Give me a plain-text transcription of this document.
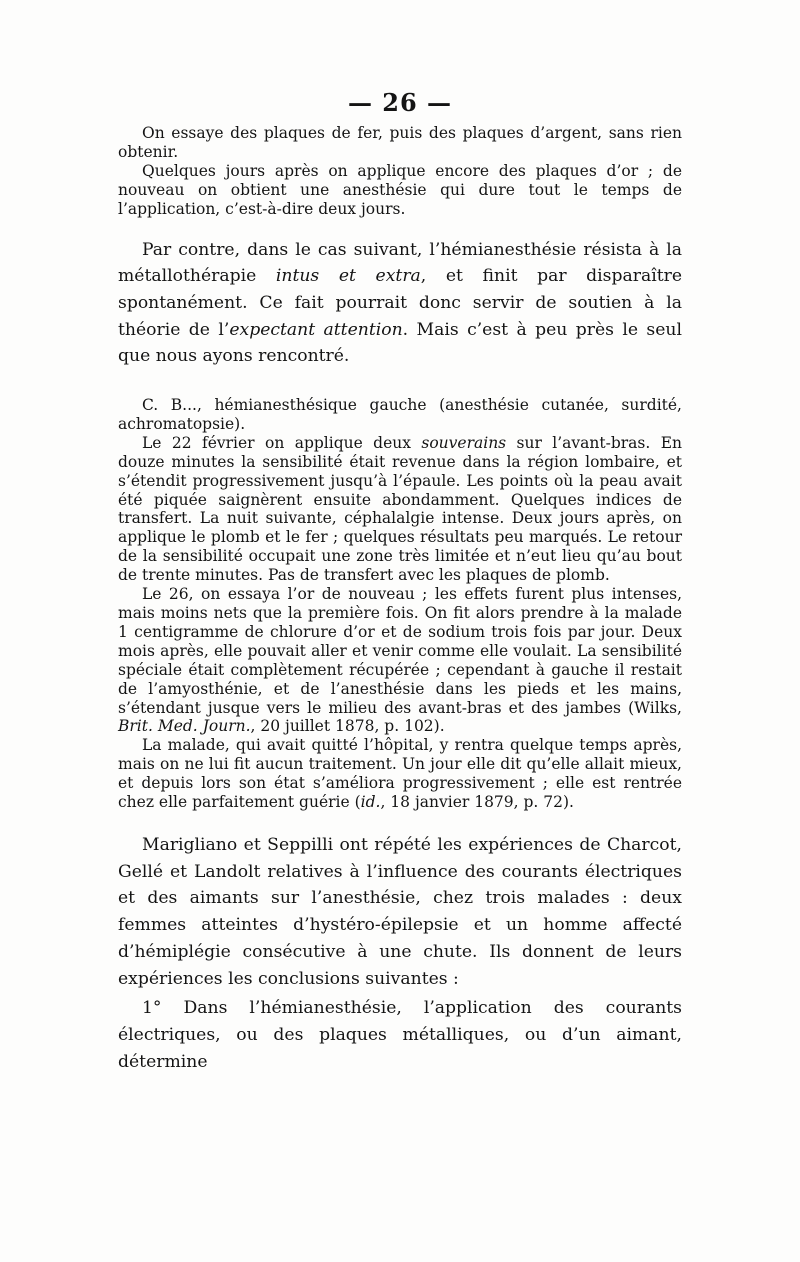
— 26 —

On essaye des plaques de fer, puis des plaques d’argent, sans rien obtenir.

Quelques jours après on applique encore des plaques d’or ; de nouveau on obtient une anesthésie qui dure tout le temps de l’application, c’est-à-dire deux jours.

Par contre, dans le cas suivant, l’hémianesthésie résista à la métallothérapie intus et extra, et finit par disparaître spontanément. Ce fait pourrait donc servir de soutien à la théorie de l’expectant attention. Mais c’est à peu près le seul que nous ayons rencontré.

C. B..., hémianesthésique gauche (anesthésie cutanée, surdité, achromatopsie).

Le 22 février on applique deux souverains sur l’avant-bras. En douze minutes la sensibilité était revenue dans la région lombaire, et s’étendit progressivement jusqu’à l’épaule. Les points où la peau avait été piquée saignèrent ensuite abondamment. Quelques indices de transfert. La nuit suivante, céphalalgie intense. Deux jours après, on applique le plomb et le fer ; quelques résultats peu marqués. Le retour de la sensibilité occupait une zone très limitée et n’eut lieu qu’au bout de trente minutes. Pas de transfert avec les plaques de plomb.

Le 26, on essaya l’or de nouveau ; les effets furent plus intenses, mais moins nets que la première fois. On fit alors prendre à la malade 1 centigramme de chlorure d’or et de sodium trois fois par jour. Deux mois après, elle pouvait aller et venir comme elle voulait. La sensibilité spéciale était complètement récupérée ; cependant à gauche il restait de l’amyosthénie, et de l’anesthésie dans les pieds et les mains, s’étendant jusque vers le milieu des avant-bras et des jambes (Wilks, Brit. Med. Journ., 20 juillet 1878, p. 102).

La malade, qui avait quitté l’hôpital, y rentra quelque temps après, mais on ne lui fit aucun traitement. Un jour elle dit qu’elle allait mieux, et depuis lors son état s’améliora progressivement ; elle est rentrée chez elle parfaitement guérie (id., 18 janvier 1879, p. 72).

Marigliano et Seppilli ont répété les expériences de Charcot, Gellé et Landolt relatives à l’influence des courants électriques et des aimants sur l’anesthésie, chez trois malades : deux femmes atteintes d’hystéro-épilepsie et un homme affecté d’hémiplégie consécutive à une chute. Ils donnent de leurs expériences les conclusions suivantes :

1° Dans l’hémianesthésie, l’application des courants électriques, ou des plaques métalliques, ou d’un aimant, détermine
